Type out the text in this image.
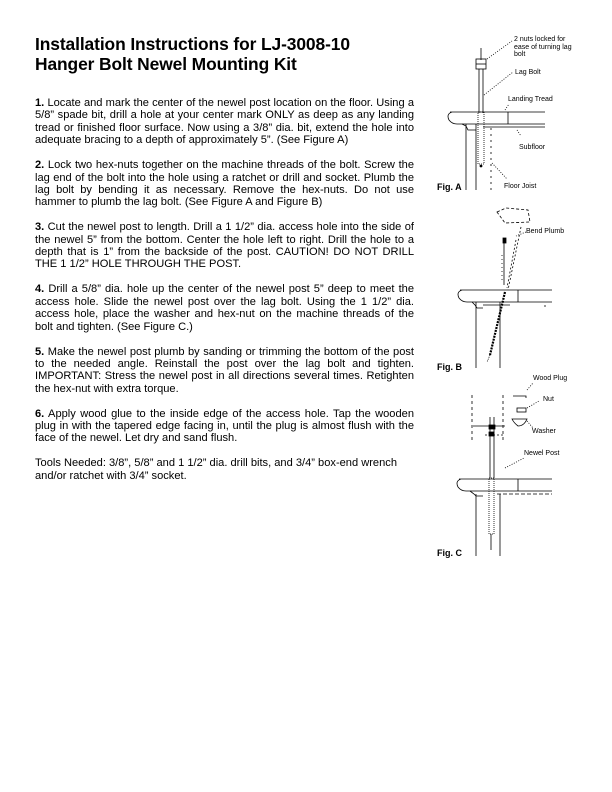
Installation Instructions for LJ-3008-10
Hanger Bolt Newel Mounting Kit

1. Locate and mark the center of the newel post location on the floor. Using a 5/8” spade bit, drill a hole at your center mark ONLY as deep as any landing tread or finished floor surface. Now using a 3/8” dia. bit, extend the hole into adequate bracing to a depth of approximately 5”. (See Figure A)

2. Lock two hex-nuts together on the machine threads of the bolt. Screw the lag end of the bolt into the hole using a ratchet or drill and socket. Plumb the lag bolt by bending it as necessary. Remove the hex-nuts. Do not use hammer to plumb the lag bolt. (See Figure A and Figure B)

3. Cut the newel post to length. Drill a 1 1/2” dia. access hole into the side of the newel 5” from the bottom. Center the hole left to right. Drill the hole to a depth that is 1” from the backside of the post. CAUTION! DO NOT DRILL THE 1 1/2” HOLE THROUGH THE POST.

4. Drill a 5/8” dia. hole up the center of the newel post 5” deep to meet the access hole. Slide the newel post over the lag bolt. Using the 1 1/2” dia. access hole, place the washer and hex-nut on the machine threads of the bolt and tighten. (See Figure C.)

5. Make the newel post plumb by sanding or trimming the bottom of the post to the needed angle. Reinstall the post over the lag bolt and tighten. IMPORTANT: Stress the newel post in all directions several times. Retighten the hex-nut with extra torque.

6. Apply wood glue to the inside edge of the access hole. Tap the wooden plug in with the tapered edge facing in, until the plug is almost flush with the face of the newel. Let dry and sand flush.

Tools Needed: 3/8”, 5/8” and 1 1/2” dia. drill bits, and 3/4” box-end wrench and/or ratchet with 3/4” socket.

Fig. A
2 nuts locked for ease of turning lag bolt
Lag Bolt
Landing Tread
Subfloor
Floor Joist
Fig. B
Bend Plumb
Fig. C
Wood Plug
Nut
Washer
Newel Post
